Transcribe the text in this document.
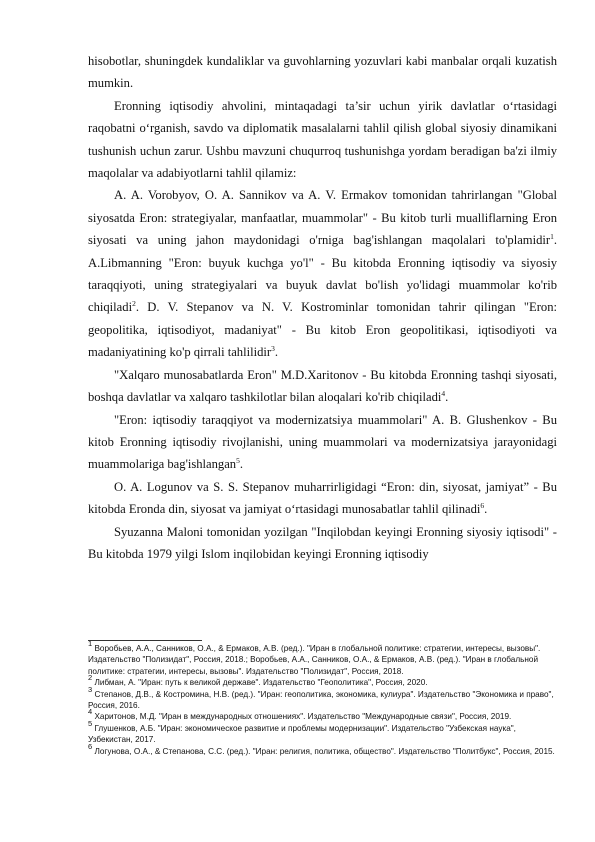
hisobotlar, shuningdek kundaliklar va guvohlarning yozuvlari kabi manbalar orqali kuzatish mumkin.

Eronning iqtisodiy ahvolini, mintaqadagi ta’sir uchun yirik davlatlar o‘rtasidagi raqobatni o‘rganish, savdo va diplomatik masalalarni tahlil qilish global siyosiy dinamikani tushunish uchun zarur. Ushbu mavzuni chuqurroq tushunishga yordam beradigan ba'zi ilmiy maqolalar va adabiyotlarni tahlil qilamiz:

A. A. Vorobyov, O. A. Sannikov va A. V. Ermakov tomonidan tahrirlangan "Global siyosatda Eron: strategiyalar, manfaatlar, muammolar" - Bu kitob turli mualliflarning Eron siyosati va uning jahon maydonidagi o'rniga bag'ishlangan maqolalari to'plamidir$^1$. A.Libmanning "Eron: buyuk kuchga yo'l" - Bu kitobda Eronning iqtisodiy va siyosiy taraqqiyoti, uning strategiyalari va buyuk davlat bo'lish yo'lidagi muammolar ko'rib chiqiladi$^2$. D. V. Stepanov va N. V. Kostrominlar tomonidan tahrir qilingan "Eron: geopolitika, iqtisodiyot, madaniyat" - Bu kitob Eron geopolitikasi, iqtisodiyoti va madaniyatining ko'p qirrali tahlilidir$^3$.

"Xalqaro munosabatlarda Eron" M.D.Xaritonov - Bu kitobda Eronning tashqi siyosati, boshqa davlatlar va xalqaro tashkilotlar bilan aloqalari ko'rib chiqiladi$^4$.

"Eron: iqtisodiy taraqqiyot va modernizatsiya muammolari" A. B. Glushenkov - Bu kitob Eronning iqtisodiy rivojlanishi, uning muammolari va modernizatsiya jarayonidagi muammolariga bag'ishlangan$^5$.

O. A. Logunov va S. S. Stepanov muharrirligidagi “Eron: din, siyosat, jamiyat” - Bu kitobda Eronda din, siyosat va jamiyat o‘rtasidagi munosabatlar tahlil qilinadi$^6$.

Syuzanna Maloni tomonidan yozilgan "Inqilobdan keyingi Eronning siyosiy iqtisodi" - Bu kitobda 1979 yilgi Islom inqilobidan keyingi Eronning iqtisodiy

$^1$ Воробьев, А.А., Санников, О.А., & Ермаков, А.В. (ред.). "Иран в глобальной политике: стратегии, интересы, вызовы". Издательство "Полизидат", Россия, 2018.; Воробьев, А.А., Санников, О.А., & Ермаков, А.В. (ред.). "Иран в глобальной политике: стратегии, интересы, вызовы". Издательство "Полизидат", Россия, 2018.

$^2$ Либман, А. "Иран: путь к великой державе". Издательство "Геополитика", Россия, 2020.

$^3$ Степанов, Д.В., & Костромина, Н.В. (ред.). "Иран: геополитика, экономика, кулиура". Издательство "Экономика и право", Россия, 2016.

$^4$ Харитонов, М.Д. "Иран в международных отношениях". Издательство "Международные связи", Россия, 2019.

$^5$ Глушенков, А.Б. "Иран: экономическое развитие и проблемы модернизации". Издательство "Узбекская наука", Узбекистан, 2017.

$^6$ Логунова, О.А., & Степанова, С.С. (ред.). "Иран: религия, политика, общество". Издательство "Политбукс", Россия, 2015.
